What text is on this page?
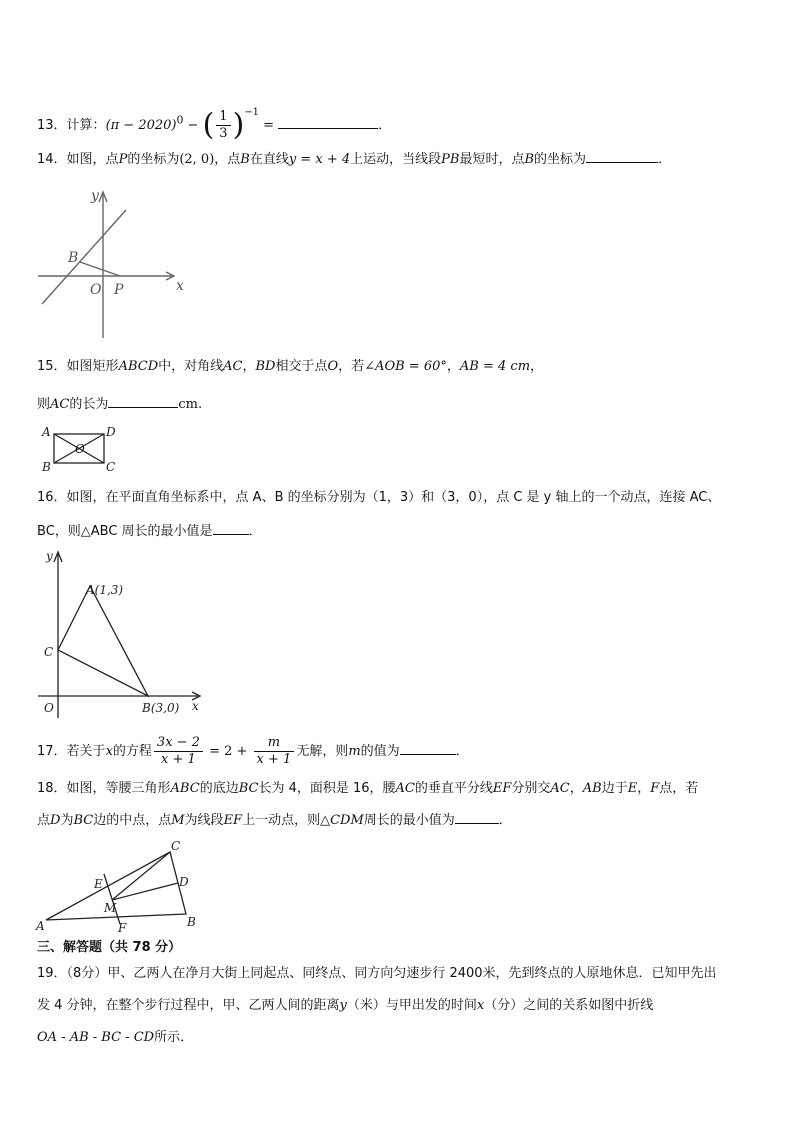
13．计算：$(\pi - 2020)^0$ − ( $\frac{1}{3} )^{-1}$ =	．
14．如图，点P的坐标为(2, 0)，点B在直线y = x + 4上运动，当线段PB最短时，点B的坐标为	．
y
x
O P
B
15．如图矩形ABCD中，对角线AC，BD相交于点O，若∠AOB = 60°，AB = 4 cm，
则AC的长为	cm.
A	D
B	C
O
16．如图，在平面直角坐标系中，点 A、B 的坐标分别为（1，3）和（3，0），点 C 是 y 轴上的一个动点，连接 AC、
BC，则△ABC 周长的最小值是	．
y
x
O
C
A(1,3)
B(3,0)
17．若关于x的方程 $\frac{3x - 2}{x + 1} = 2 + \frac{m}{x + 1}$ 无解，则m的值为	．
18．如图，等腰三角形ABC的底边BC长为 4，面积是 16，腰AC的垂直平分线EF分别交AC，AB边于E，F点，若
点D为BC边的中点，点M为线段EF上一动点，则△CDM周长的最小值为	．
A	B
C
D
E
F
M
三、解答题（共 78 分）
19．（8分）甲、乙两人在净月大街上同起点、同终点、同方向匀速步行 2400米，先到终点的人原地休息．已知甲先出
发 4 分钟，在整个步行过程中，甲、乙两人间的距离y（米）与甲出发的时间x（分）之间的关系如图中折线
OA - AB - BC - CD所示．
